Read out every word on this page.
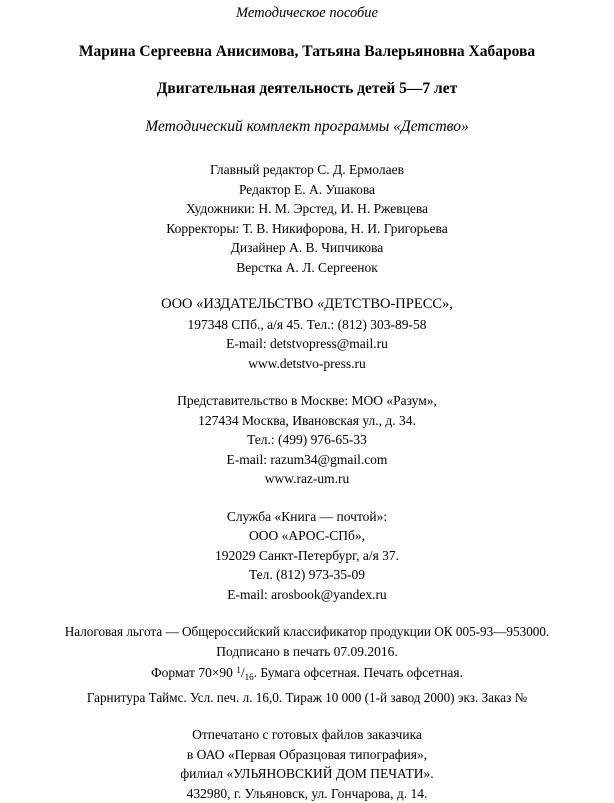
Методическое пособие
Марина Сергеевна Анисимова, Татьяна Валерьяновна Хабарова
Двигательная деятельность детей 5—7 лет
Методический комплект программы «Детство»
Главный редактор С. Д. Ермолаев
Редактор Е. А. Ушакова
Художники: Н. М. Эрстед, И. Н. Ржевцева
Корректоры: Т. В. Никифорова, Н. И. Григорьева
Дизайнер А. В. Чипчикова
Верстка А. Л. Сергеенок
ООО «ИЗДАТЕЛЬСТВО «ДЕТСТВО-ПРЕСС»,
197348 СПб., а/я 45. Тел.: (812) 303-89-58
E-mail: detstvopress@mail.ru
www.detstvo-press.ru
Представительство в Москве: МОО «Разум»,
127434 Москва, Ивановская ул., д. 34.
Тел.: (499) 976-65-33
E-mail: razum34@gmail.com
www.raz-um.ru
Служба «Книга — почтой»:
ООО «АРОС-СПб»,
192029 Санкт-Петербург, а/я 37.
Тел. (812) 973-35-09
E-mail: arosbook@yandex.ru
Налоговая льгота — Общероссийский классификатор продукции ОК 005-93—953000.
Подписано в печать 07.09.2016.
Формат 70×90 $^1/_{16}$. Бумага офсетная. Печать офсетная.
Гарнитура Таймс. Усл. печ. л. 16,0. Тираж 10 000 (1-й завод 2000) экз. Заказ №
Отпечатано с готовых файлов заказчика
в ОАО «Первая Образцовая типография»,
филиал «УЛЬЯНОВСКИЙ ДОМ ПЕЧАТИ».
432980, г. Ульяновск, ул. Гончарова, д. 14.
